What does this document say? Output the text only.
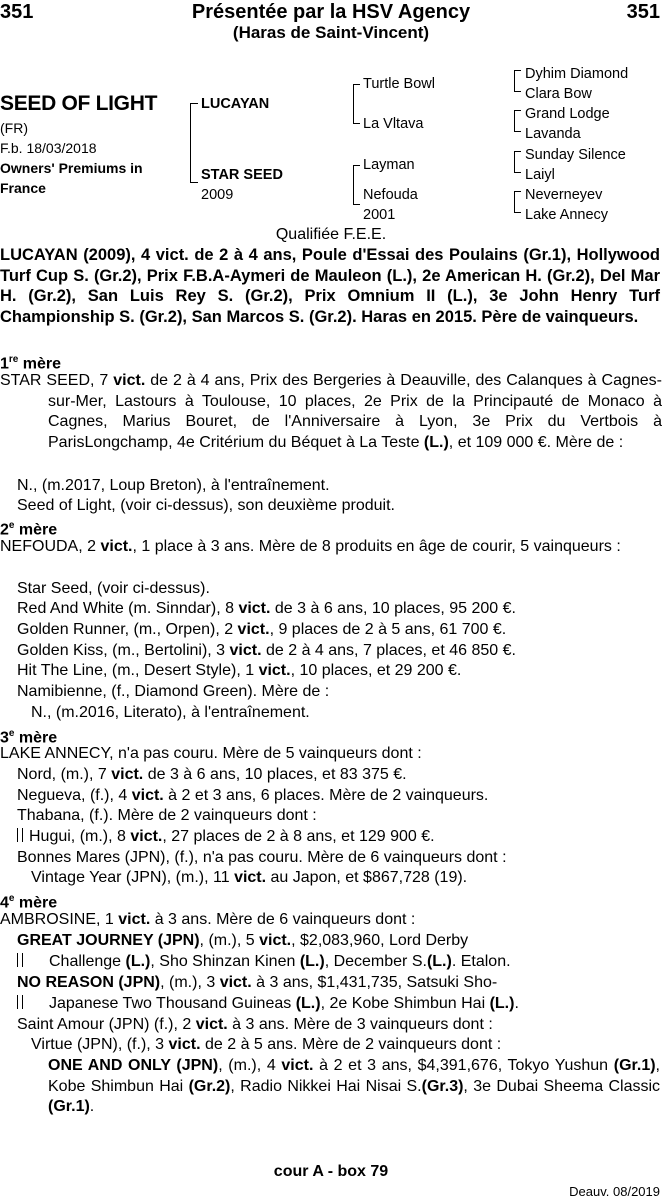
351	Présentée par la HSV Agency	351
(Haras de Saint-Vincent)
SEED OF LIGHT
(FR)
F.b. 18/03/2018
Owners' Premiums in
France
LUCAYAN
STAR SEED
2009
Turtle Bowl
La Vltava
Layman
Nefouda
2001
Dyhim Diamond
Clara Bow
Grand Lodge
Lavanda
Sunday Silence
Laiyl
Neverneyev
Lake Annecy
Qualifiée F.E.E.
LUCAYAN (2009), 4 vict. de 2 à 4 ans, Poule d'Essai des Poulains (Gr.1), Hollywood Turf Cup S. (Gr.2), Prix F.B.A-Aymeri de Mauleon (L.), 2e American H. (Gr.2), Del Mar H. (Gr.2), San Luis Rey S. (Gr.2), Prix Omnium II (L.), 3e John Henry Turf Championship S. (Gr.2), San Marcos S. (Gr.2). Haras en 2015. Père de vainqueurs.
1re mère
STAR SEED, 7 vict. de 2 à 4 ans, Prix des Bergeries à Deauville, des Calanques à Cagnes-sur-Mer, Lastours à Toulouse, 10 places, 2e Prix de la Principauté de Monaco à Cagnes, Marius Bouret, de l'Anniversaire à Lyon, 3e Prix du Vertbois à ParisLongchamp, 4e Critérium du Béquet à La Teste (L.), et 109 000 €. Mère de :
N., (m.2017, Loup Breton), à l'entraînement.
Seed of Light, (voir ci-dessus), son deuxième produit.
2e mère
NEFOUDA, 2 vict., 1 place à 3 ans. Mère de 8 produits en âge de courir, 5 vainqueurs :
Star Seed, (voir ci-dessus).
Red And White (m. Sinndar), 8 vict. de 3 à 6 ans, 10 places, 95 200 €.
Golden Runner, (m., Orpen), 2 vict., 9 places de 2 à 5 ans, 61 700 €.
Golden Kiss, (m., Bertolini), 3 vict. de 2 à 4 ans, 7 places, et 46 850 €.
Hit The Line, (m., Desert Style), 1 vict., 10 places, et 29 200 €.
Namibienne, (f., Diamond Green). Mère de :
N., (m.2016, Literato), à l'entraînement.
3e mère
LAKE ANNECY, n'a pas couru. Mère de 5 vainqueurs dont :
Nord, (m.), 7 vict. de 3 à 6 ans, 10 places, et 83 375 €.
Negueva, (f.), 4 vict. à 2 et 3 ans, 6 places. Mère de 2 vainqueurs.
Thabana, (f.). Mère de 2 vainqueurs dont :
Hugui, (m.), 8 vict., 27 places de 2 à 8 ans, et 129 900 €.
Bonnes Mares (JPN), (f.), n'a pas couru. Mère de 6 vainqueurs dont :
Vintage Year (JPN), (m.), 11 vict. au Japon, et $867,728 (19).
4e mère
AMBROSINE, 1 vict. à 3 ans. Mère de 6 vainqueurs dont :
GREAT JOURNEY (JPN), (m.), 5 vict., $2,083,960, Lord Derby
Challenge (L.), Sho Shinzan Kinen (L.), December S.(L.). Etalon.
NO REASON (JPN), (m.), 3 vict. à 3 ans, $1,431,735, Satsuki Sho-
Japanese Two Thousand Guineas (L.), 2e Kobe Shimbun Hai (L.).
Saint Amour (JPN) (f.), 2 vict. à 3 ans. Mère de 3 vainqueurs dont :
Virtue (JPN), (f.), 3 vict. de 2 à 5 ans. Mère de 2 vainqueurs dont :
ONE AND ONLY (JPN), (m.), 4 vict. à 2 et 3 ans, $4,391,676, Tokyo Yushun (Gr.1), Kobe Shimbun Hai (Gr.2), Radio Nikkei Hai Nisai S.(Gr.3), 3e Dubai Sheema Classic (Gr.1).
cour A - box 79
Deauv. 08/2019
